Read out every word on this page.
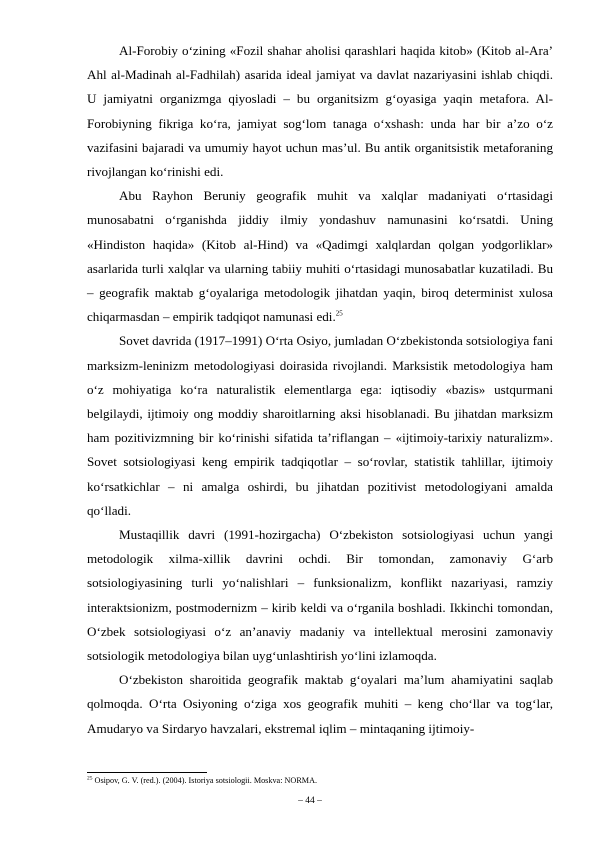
Al-Forobiy o‘zining «Fozil shahar aholisi qarashlari haqida kitob» (Kitob al-Ara’ Ahl al-Madinah al-Fadhilah) asarida ideal jamiyat va davlat nazariyasini ishlab chiqdi. U jamiyatni organizmga qiyosladi – bu organitsizm g‘oyasiga yaqin metafora. Al-Forobiyning fikriga ko‘ra, jamiyat sog‘lom tanaga o‘xshash: unda har bir a’zo o‘z vazifasini bajaradi va umumiy hayot uchun mas’ul. Bu antik organitsistik metaforaning rivojlangan ko‘rinishi edi.

Abu Rayhon Beruniy geografik muhit va xalqlar madaniyati o‘rtasidagi munosabatni o‘rganishda jiddiy ilmiy yondashuv namunasini ko‘rsatdi. Uning «Hindiston haqida» (Kitob al-Hind) va «Qadimgi xalqlardan qolgan yodgorliklar» asarlarida turli xalqlar va ularning tabiiy muhiti o‘rtasidagi munosabatlar kuzatiladi. Bu – geografik maktab g‘oyalariga metodologik jihatdan yaqin, biroq determinist xulosa chiqarmasdan – empirik tadqiqot namunasi edi.$^{25}$

Sovet davrida (1917–1991) O‘rta Osiyo, jumladan O‘zbekistonda sotsiologiya fani marksizm-leninizm metodologiyasi doirasida rivojlandi. Marksistik metodologiya ham o‘z mohiyatiga ko‘ra naturalistik elementlarga ega: iqtisodiy «bazis» ustqurmani belgilaydi, ijtimoiy ong moddiy sharoitlarning aksi hisoblanadi. Bu jihatdan marksizm ham pozitivizmning bir ko‘rinishi sifatida ta’riflangan – «ijtimoiy-tarixiy naturalizm». Sovet sotsiologiyasi keng empirik tadqiqotlar – so‘rovlar, statistik tahlillar, ijtimoiy ko‘rsatkichlar – ni amalga oshirdi, bu jihatdan pozitivist metodologiyani amalda qo‘lladi.

Mustaqillik davri (1991-hozirgacha) O‘zbekiston sotsiologiyasi uchun yangi metodologik xilma-xillik davrini ochdi. Bir tomondan, zamonaviy G‘arb sotsiologiyasining turli yo‘nalishlari – funksionalizm, konflikt nazariyasi, ramziy interaktsionizm, postmodernizm – kirib keldi va o‘rganila boshladi. Ikkinchi tomondan, O‘zbek sotsiologiyasi o‘z an’anaviy madaniy va intellektual merosini zamonaviy sotsiologik metodologiya bilan uyg‘unlashtirish yo‘lini izlamoqda.

O‘zbekiston sharoitida geografik maktab g‘oyalari ma’lum ahamiyatini saqlab qolmoqda. O‘rta Osiyoning o‘ziga xos geografik muhiti – keng cho‘llar va tog‘lar, Amudaryo va Sirdaryo havzalari, ekstremal iqlim – mintaqaning ijtimoiy-

$^{25}$ Osipov, G. V. (red.). (2004). Istoriya sotsiologii. Moskva: NORMA.
– 44 –
